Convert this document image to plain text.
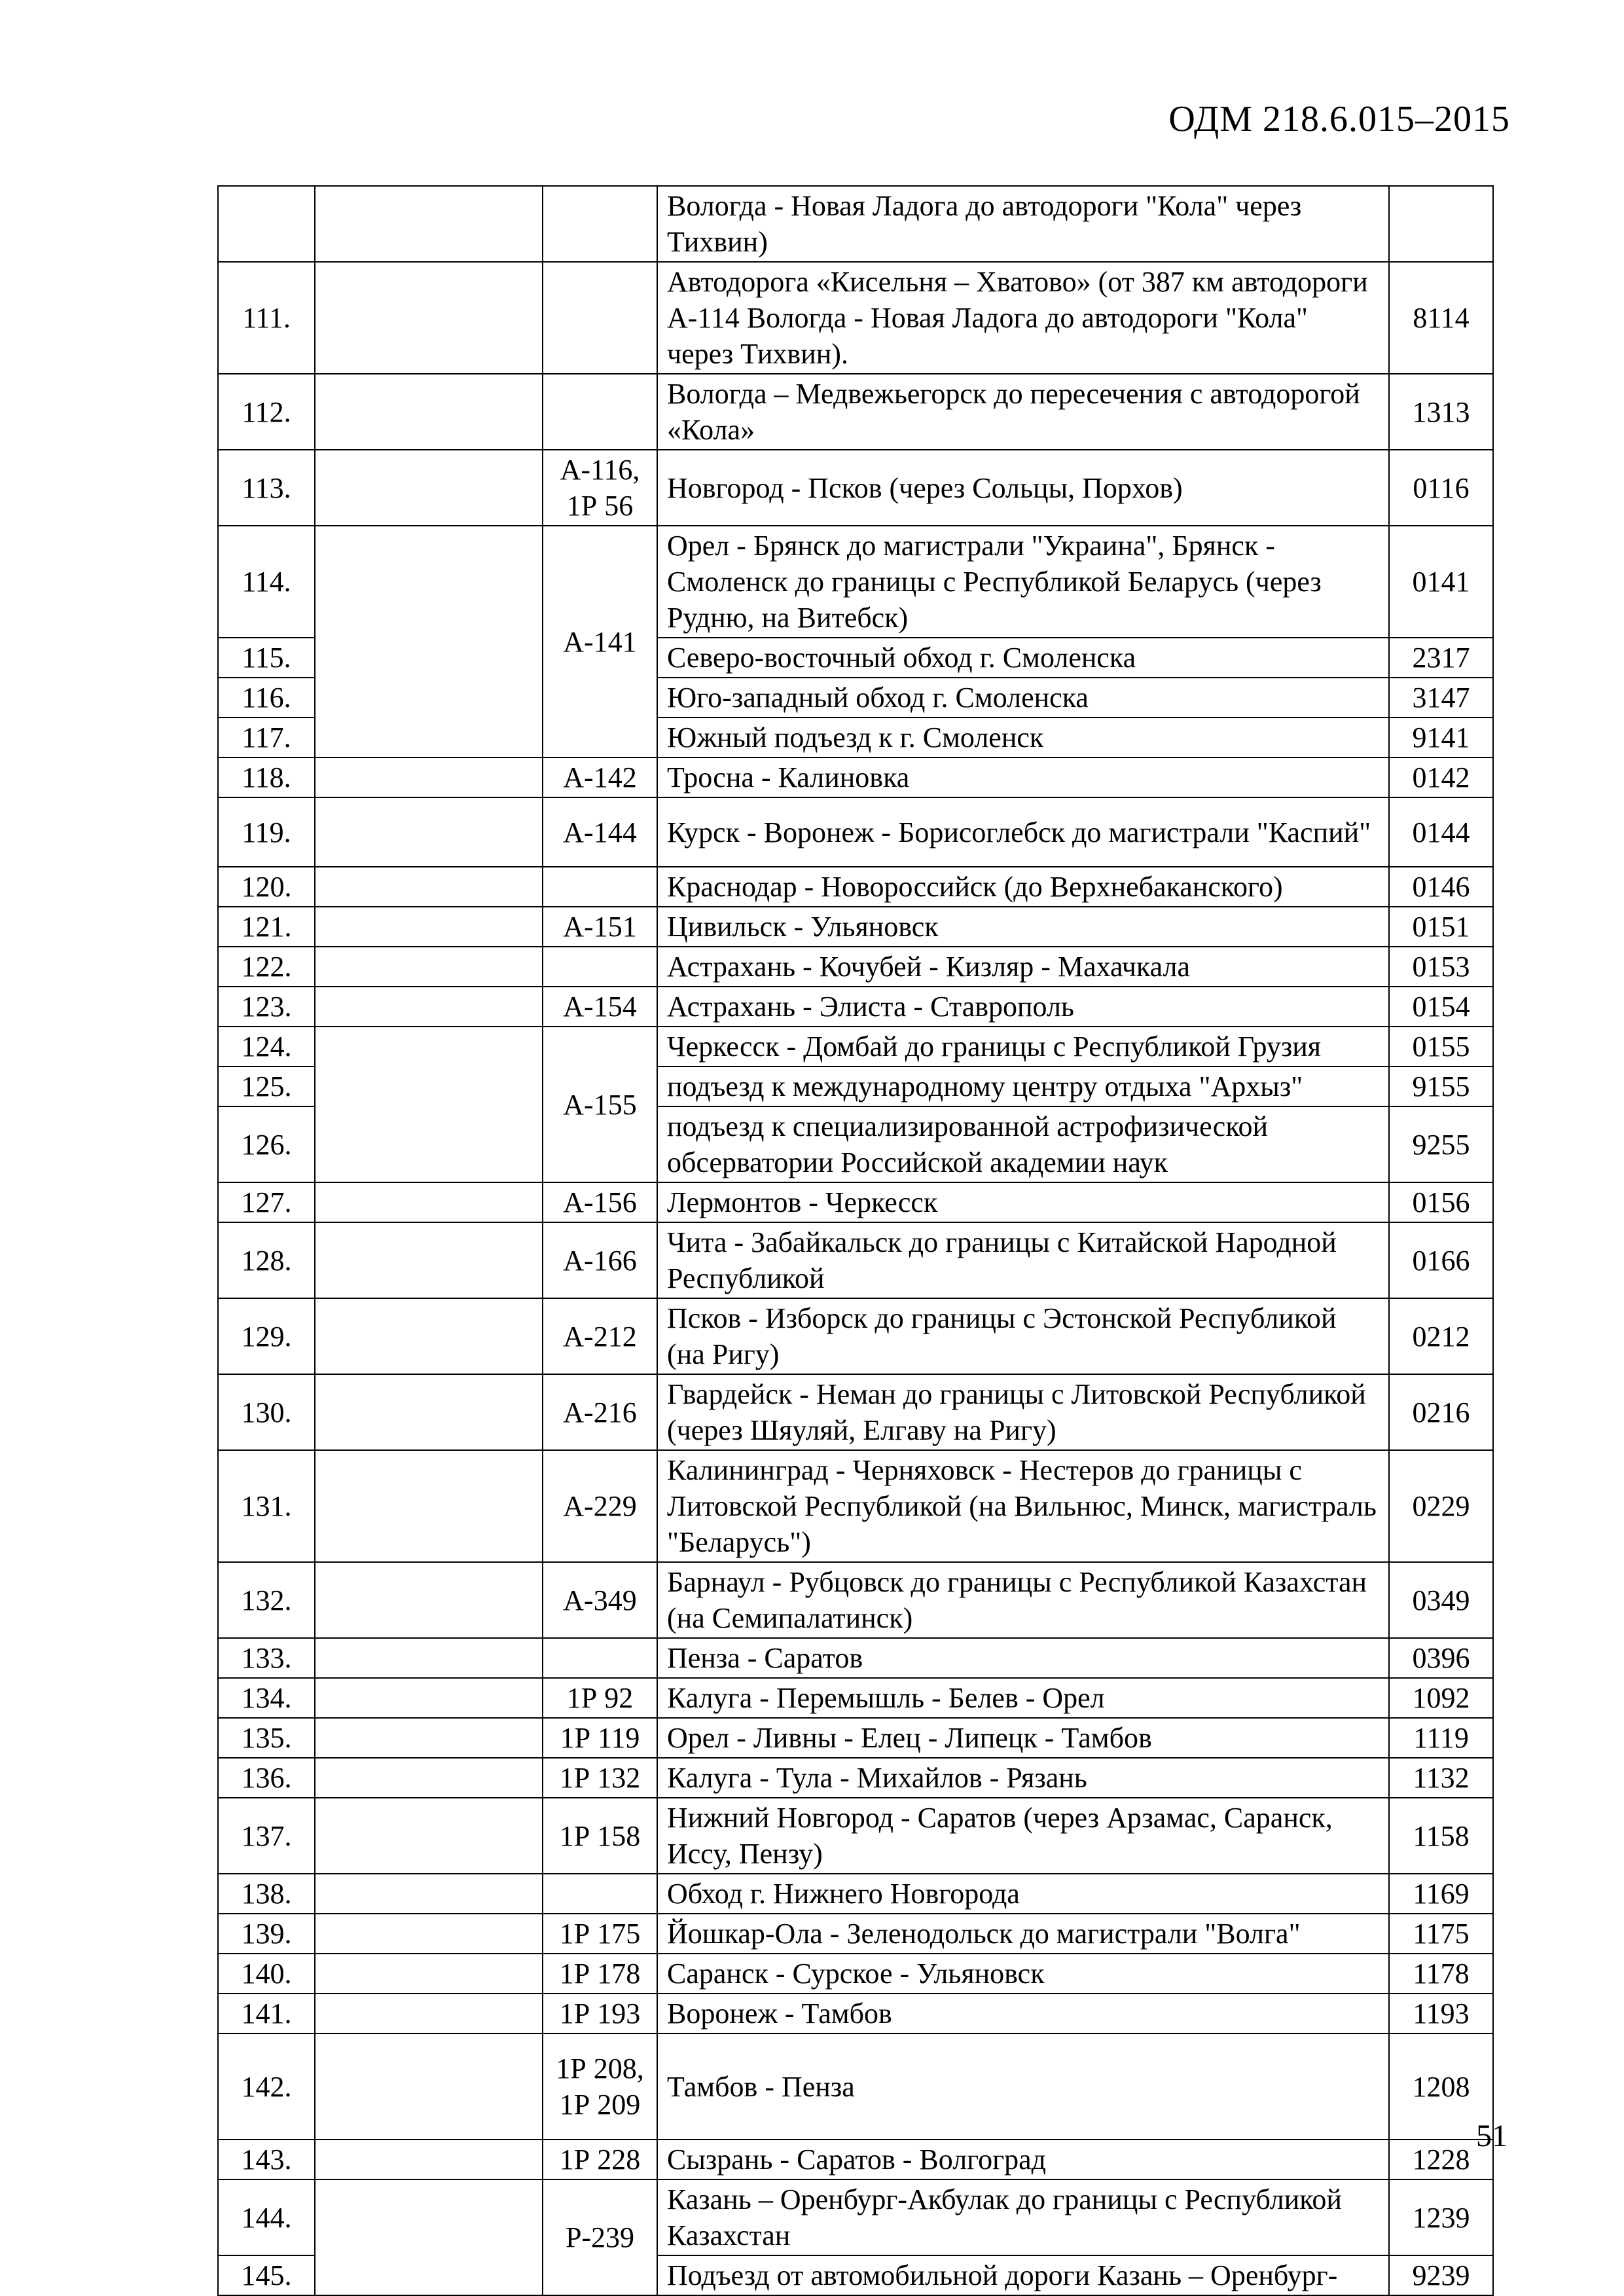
ОДМ 218.6.015–2015
			Вологда - Новая Ладога до автодороги "Кола" через Тихвин)	
111.			Автодорога «Кисельня – Хватово» (от 387 км автодороги А-114 Вологда - Новая Ладога до автодороги "Кола" через Тихвин).	8114
112.			Вологда – Медвежьегорск до пересечения с автодорогой «Кола»	1313
113.		А-116, 1Р 56	Новгород - Псков (через Сольцы, Порхов)	0116
114.		А-141	Орел - Брянск до магистрали "Украина", Брянск - Смоленск до границы с Республикой Беларусь (через Рудню, на Витебск)	0141
115.			Северо-восточный обход г. Смоленска	2317
116.			Юго-западный обход г. Смоленска	3147
117.			Южный подъезд к г. Смоленск	9141
118.		А-142	Тросна - Калиновка	0142
119.		А-144	Курск - Воронеж - Борисоглебск до магистрали "Каспий"	0144
120.			Краснодар - Новороссийск (до Верхнебаканского)	0146
121.		А-151	Цивильск - Ульяновск	0151
122.			Астрахань - Кочубей - Кизляр - Махачкала	0153
123.		А-154	Астрахань - Элиста - Ставрополь	0154
124.		А-155	Черкесск - Домбай до границы с Республикой Грузия	0155
125.			подъезд к международному центру отдыха "Архыз"	9155
126.			подъезд к специализированной астрофизической обсерватории Российской академии наук	9255
127.		А-156	Лермонтов - Черкесск	0156
128.		А-166	Чита - Забайкальск до границы с Китайской Народной Республикой	0166
129.		А-212	Псков - Изборск до границы с Эстонской Республикой (на Ригу)	0212
130.		А-216	Гвардейск - Неман до границы с Литовской Республикой (через Шяуляй, Елгаву на Ригу)	0216
131.		А-229	Калининград - Черняховск - Нестеров до границы с Литовской Республикой (на Вильнюс, Минск, магистраль "Беларусь")	0229
132.		А-349	Барнаул - Рубцовск до границы с Республикой Казахстан (на Семипалатинск)	0349
133.			Пенза - Саратов	0396
134.		1Р 92	Калуга - Перемышль - Белев - Орел	1092
135.		1Р 119	Орел - Ливны - Елец - Липецк - Тамбов	1119
136.		1Р 132	Калуга - Тула - Михайлов - Рязань	1132
137.		1Р 158	Нижний Новгород - Саратов (через Арзамас, Саранск, Иссу, Пензу)	1158
138.			Обход г. Нижнего Новгорода	1169
139.		1Р 175	Йошкар-Ола - Зеленодольск до магистрали "Волга"	1175
140.		1Р 178	Саранск - Сурское - Ульяновск	1178
141.		1Р 193	Воронеж - Тамбов	1193
142.		1Р 208, 1Р 209	Тамбов - Пенза	1208
143.		1Р 228	Сызрань - Саратов - Волгоград	1228
144.		Р-239	Казань – Оренбург-Акбулак до границы с Республикой Казахстан	1239
145.			Подъезд от автомобильной дороги Казань – Оренбург-	9239
51
